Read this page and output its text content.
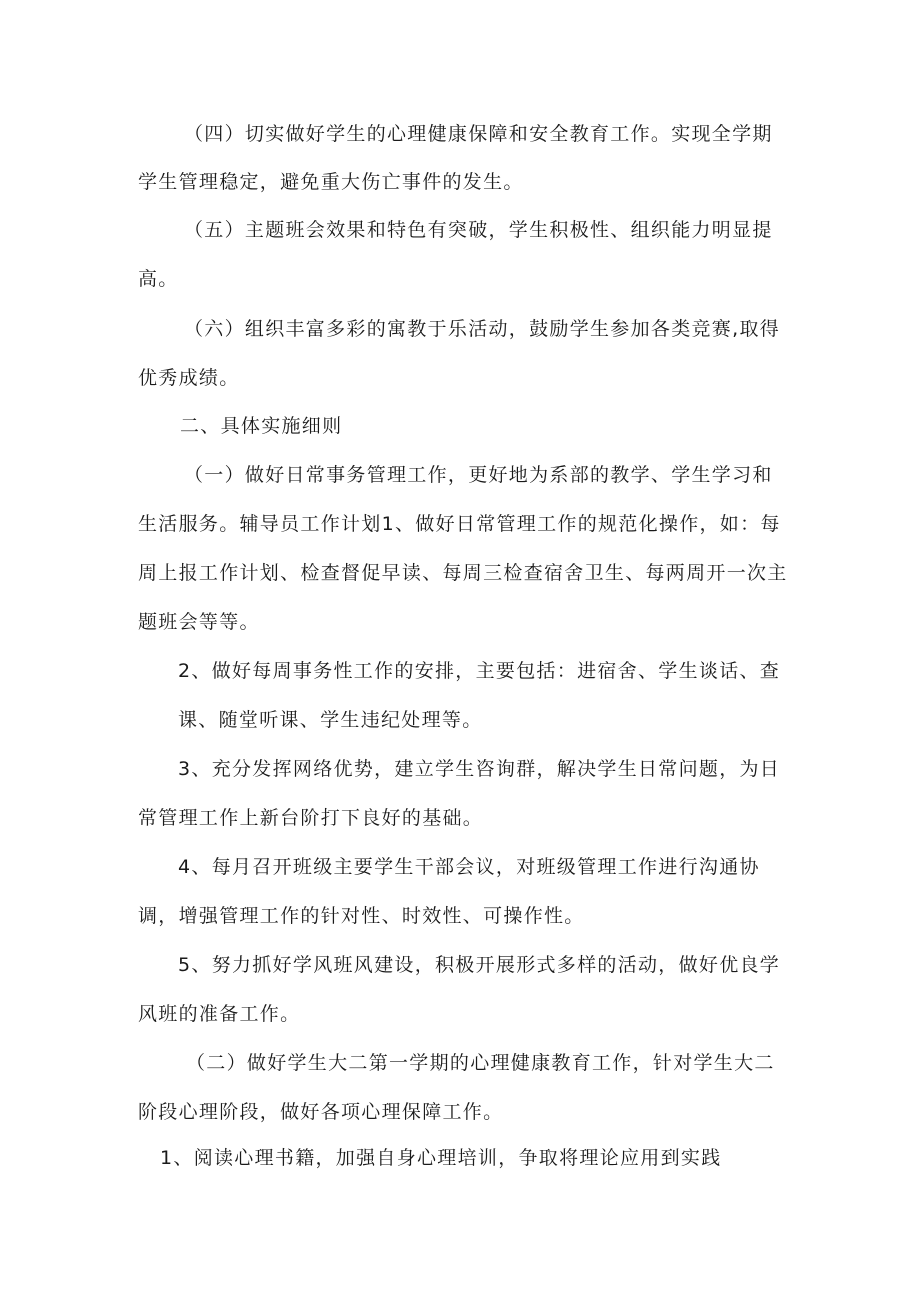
（四）切实做好学生的心理健康保障和安全教育工作。实现全学期

学生管理稳定，避免重大伤亡事件的发生。

（五）主题班会效果和特色有突破，学生积极性、组织能力明显提

高。

（六）组织丰富多彩的寓教于乐活动，鼓励学生参加各类竞赛,取得

优秀成绩。

二、具体实施细则

（一）做好日常事务管理工作，更好地为系部的教学、学生学习和

生活服务。辅导员工作计划1、做好日常管理工作的规范化操作，如：每

周上报工作计划、检查督促早读、每周三检查宿舍卫生、每两周开一次主

题班会等等。

2、做好每周事务性工作的安排，主要包括：进宿舍、学生谈话、查

课、随堂听课、学生违纪处理等。

3、充分发挥网络优势，建立学生咨询群，解决学生日常问题，为日

常管理工作上新台阶打下良好的基础。

4、每月召开班级主要学生干部会议，对班级管理工作进行沟通协

调，增强管理工作的针对性、时效性、可操作性。

5、努力抓好学风班风建设，积极开展形式多样的活动，做好优良学

风班的准备工作。

（二）做好学生大二第一学期的心理健康教育工作，针对学生大二

阶段心理阶段，做好各项心理保障工作。

1、阅读心理书籍，加强自身心理培训，争取将理论应用到实践
